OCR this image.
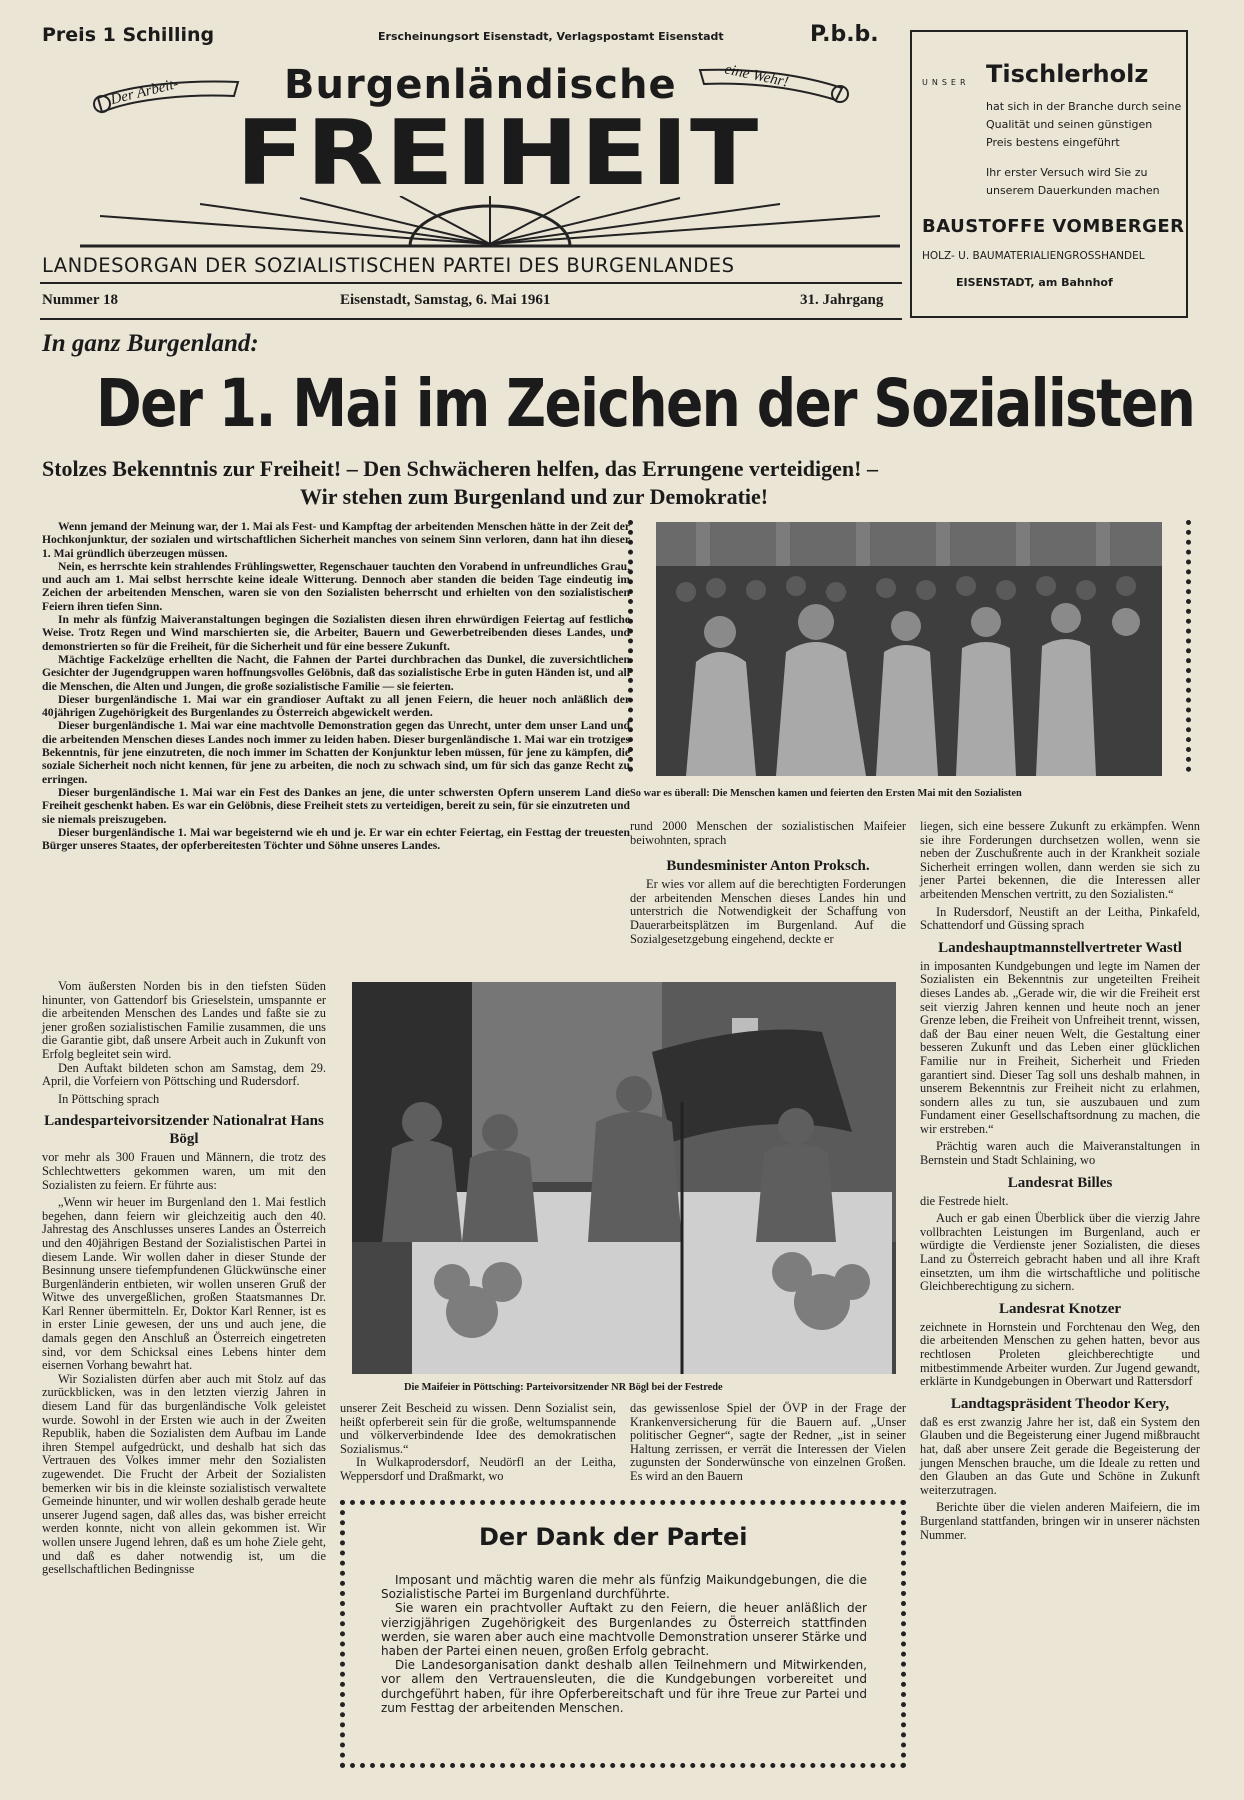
Preis 1 Schilling	Erscheinungsort Eisenstadt, Verlagspostamt Eisenstadt	P.b.b.
Der Arbeit-	eine Wehr!
Burgenländische
FREIHEIT
LANDESORGAN DER SOZIALISTISCHEN PARTEI DES BURGENLANDES
Nummer 18	Eisenstadt, Samstag, 6. Mai 1961	31. Jahrgang
UNSER Tischlerholz
hat sich in der Branche durch seine Qualität und seinen günstigen Preis bestens eingeführt
Ihr erster Versuch wird Sie zu unserem Dauerkunden machen
BAUSTOFFE VOMBERGER
HOLZ- U. BAUMATERIALIENGROSSHANDEL
EISENSTADT, am Bahnhof
In ganz Burgenland:
Der 1. Mai im Zeichen der Sozialisten
Stolzes Bekenntnis zur Freiheit! – Den Schwächeren helfen, das Errungene verteidigen! –
Wir stehen zum Burgenland und zur Demokratie!

Wenn jemand der Meinung war, der 1. Mai als Fest- und Kampftag der arbeitenden Menschen hätte in der Zeit der Hochkonjunktur, der sozialen und wirtschaftlichen Sicherheit manches von seinem Sinn verloren, dann hat ihn dieser 1. Mai gründlich überzeugen müssen.

Nein, es herrschte kein strahlendes Frühlingswetter, Regenschauer tauchten den Vorabend in unfreundliches Grau, und auch am 1. Mai selbst herrschte keine ideale Witterung. Dennoch aber standen die beiden Tage eindeutig im Zeichen der arbeitenden Menschen, waren sie von den Sozialisten beherrscht und erhielten von den sozialistischen Feiern ihren tiefen Sinn.

In mehr als fünfzig Maiveranstaltungen begingen die Sozialisten diesen ihren ehrwürdigen Feiertag auf festliche Weise. Trotz Regen und Wind marschierten sie, die Arbeiter, Bauern und Gewerbetreibenden dieses Landes, und demonstrierten so für die Freiheit, für die Sicherheit und für eine bessere Zukunft.

Mächtige Fackelzüge erhellten die Nacht, die Fahnen der Partei durchbrachen das Dunkel, die zuversichtlichen Gesichter der Jugendgruppen waren hoffnungsvolles Gelöbnis, daß das sozialistische Erbe in guten Händen ist, und all die Menschen, die Alten und Jungen, die große sozialistische Familie — sie feierten.

Dieser burgenländische 1. Mai war ein grandioser Auftakt zu all jenen Feiern, die heuer noch anläßlich der 40jährigen Zugehörigkeit des Burgenlandes zu Österreich abgewickelt werden.

Dieser burgenländische 1. Mai war eine machtvolle Demonstration gegen das Unrecht, unter dem unser Land und die arbeitenden Menschen dieses Landes noch immer zu leiden haben. Dieser burgenländische 1. Mai war ein trotziges Bekenntnis, für jene einzutreten, die noch immer im Schatten der Konjunktur leben müssen, für jene zu kämpfen, die soziale Sicherheit noch nicht kennen, für jene zu arbeiten, die noch zu schwach sind, um für sich das ganze Recht zu erringen.

Dieser burgenländische 1. Mai war ein Fest des Dankes an jene, die unter schwersten Opfern unserem Land die Freiheit geschenkt haben. Es war ein Gelöbnis, diese Freiheit stets zu verteidigen, bereit zu sein, für sie einzutreten und sie niemals preiszugeben.

Dieser burgenländische 1. Mai war begeisternd wie eh und je. Er war ein echter Feiertag, ein Festtag der treuesten Bürger unseres Staates, der opferbereitesten Töchter und Söhne unseres Landes.

So war es überall: Die Menschen kamen und feierten den Ersten Mai mit den Sozialisten

rund 2000 Menschen der sozialistischen Maifeier beiwohnten, sprach

Bundesminister Anton Proksch.

Er wies vor allem auf die berechtigten Forderungen der arbeitenden Menschen dieses Landes hin und unterstrich die Notwendigkeit der Schaffung von Dauerarbeitsplätzen im Burgenland. Auf die Sozialgesetzgebung eingehend, deckte er

liegen, sich eine bessere Zukunft zu erkämpfen. Wenn sie ihre Forderungen durchsetzen wollen, wenn sie neben der Zuschußrente auch in der Krankheit soziale Sicherheit erringen wollen, dann werden sie sich zu jener Partei bekennen, die die Interessen aller arbeitenden Menschen vertritt, zu den Sozialisten.“

In Rudersdorf, Neustift an der Leitha, Pinkafeld, Schattendorf und Güssing sprach

Landeshauptmannstellvertreter Wastl

in imposanten Kundgebungen und legte im Namen der Sozialisten ein Bekenntnis zur ungeteilten Freiheit dieses Landes ab. „Gerade wir, die wir die Freiheit erst seit vierzig Jahren kennen und heute noch an jener Grenze leben, die Freiheit von Unfreiheit trennt, wissen, daß der Bau einer neuen Welt, die Gestaltung einer besseren Zukunft und das Leben einer glücklichen Familie nur in Freiheit, Sicherheit und Frieden garantiert sind. Dieser Tag soll uns deshalb mahnen, in unserem Bekenntnis zur Freiheit nicht zu erlahmen, sondern alles zu tun, sie auszubauen und zum Fundament einer Gesellschaftsordnung zu machen, die wir erstreben.“

Prächtig waren auch die Maiveranstaltungen in Bernstein und Stadt Schlaining, wo

Landesrat Billes

die Festrede hielt.

Auch er gab einen Überblick über die vierzig Jahre vollbrachten Leistungen im Burgenland, auch er würdigte die Verdienste jener Sozialisten, die dieses Land zu Österreich gebracht haben und all ihre Kraft einsetzten, um ihm die wirtschaftliche und politische Gleichberechtigung zu sichern.

Landesrat Knotzer

zeichnete in Hornstein und Forchtenau den Weg, den die arbeitenden Menschen zu gehen hatten, bevor aus rechtlosen Proleten gleichberechtigte und mitbestimmende Arbeiter wurden. Zur Jugend gewandt, erklärte in Kundgebungen in Oberwart und Rattersdorf

Landtagspräsident Theodor Kery,

daß es erst zwanzig Jahre her ist, daß ein System den Glauben und die Begeisterung einer Jugend mißbraucht hat, daß aber unsere Zeit gerade die Begeisterung der jungen Menschen brauche, um die Ideale zu retten und den Glauben an das Gute und Schöne in Zukunft weiterzutragen.

Berichte über die vielen anderen Maifeiern, die im Burgenland stattfanden, bringen wir in unserer nächsten Nummer.

Vom äußersten Norden bis in den tiefsten Süden hinunter, von Gattendorf bis Grieselstein, umspannte er die arbeitenden Menschen des Landes und faßte sie zu jener großen sozialistischen Familie zusammen, die uns die Garantie gibt, daß unsere Arbeit auch in Zukunft von Erfolg begleitet sein wird.

Den Auftakt bildeten schon am Samstag, dem 29. April, die Vorfeiern von Pöttsching und Rudersdorf.

In Pöttsching sprach

Landesparteivorsitzender Nationalrat Hans Bögl

vor mehr als 300 Frauen und Männern, die trotz des Schlechtwetters gekommen waren, um mit den Sozialisten zu feiern. Er führte aus:

„Wenn wir heuer im Burgenland den 1. Mai festlich begehen, dann feiern wir gleichzeitig auch den 40. Jahrestag des Anschlusses unseres Landes an Österreich und den 40jährigen Bestand der Sozialistischen Partei in diesem Lande. Wir wollen daher in dieser Stunde der Besinnung unsere tiefempfundenen Glückwünsche einer Burgenländerin entbieten, wir wollen unseren Gruß der Witwe des unvergeßlichen, großen Staatsmannes Dr. Karl Renner übermitteln. Er, Doktor Karl Renner, ist es in erster Linie gewesen, der uns und auch jene, die damals gegen den Anschluß an Österreich eingetreten sind, vor dem Schicksal eines Lebens hinter dem eisernen Vorhang bewahrt hat.

Wir Sozialisten dürfen aber auch mit Stolz auf das zurückblicken, was in den letzten vierzig Jahren in diesem Land für das burgenländische Volk geleistet wurde. Sowohl in der Ersten wie auch in der Zweiten Republik, haben die Sozialisten dem Aufbau im Lande ihren Stempel aufgedrückt, und deshalb hat sich das Vertrauen des Volkes immer mehr den Sozialisten zugewendet. Die Frucht der Arbeit der Sozialisten bemerken wir bis in die kleinste sozialistisch verwaltete Gemeinde hinunter, und wir wollen deshalb gerade heute unserer Jugend sagen, daß alles das, was bisher erreicht werden konnte, nicht von allein gekommen ist. Wir wollen unsere Jugend lehren, daß es um hohe Ziele geht, und daß es daher notwendig ist, um die gesellschaftlichen Bedingnisse

Die Maifeier in Pöttsching: Parteivorsitzender NR Bögl bei der Festrede

unserer Zeit Bescheid zu wissen. Denn Sozialist sein, heißt opferbereit sein für die große, weltumspannende und völkerverbindende Idee des demokratischen Sozialismus.“

In Wulkaprodersdorf, Neudörfl an der Leitha, Weppersdorf und Draßmarkt, wo

das gewissenlose Spiel der ÖVP in der Frage der Krankenversicherung für die Bauern auf. „Unser politischer Gegner“, sagte der Redner, „ist in seiner Haltung zerrissen, er verrät die Interessen der Vielen zugunsten der Sonderwünsche von einzelnen Großen. Es wird an den Bauern

Der Dank der Partei

Imposant und mächtig waren die mehr als fünfzig Maikundgebungen, die die Sozialistische Partei im Burgenland durchführte.

Sie waren ein prachtvoller Auftakt zu den Feiern, die heuer anläßlich der vierzigjährigen Zugehörigkeit des Burgenlandes zu Österreich stattfinden werden, sie waren aber auch eine machtvolle Demonstration unserer Stärke und haben der Partei einen neuen, großen Erfolg gebracht.

Die Landesorganisation dankt deshalb allen Teilnehmern und Mitwirkenden, vor allem den Vertrauensleuten, die die Kundgebungen vorbereitet und durchgeführt haben, für ihre Opferbereitschaft und für ihre Treue zur Partei und zum Festtag der arbeitenden Menschen.
